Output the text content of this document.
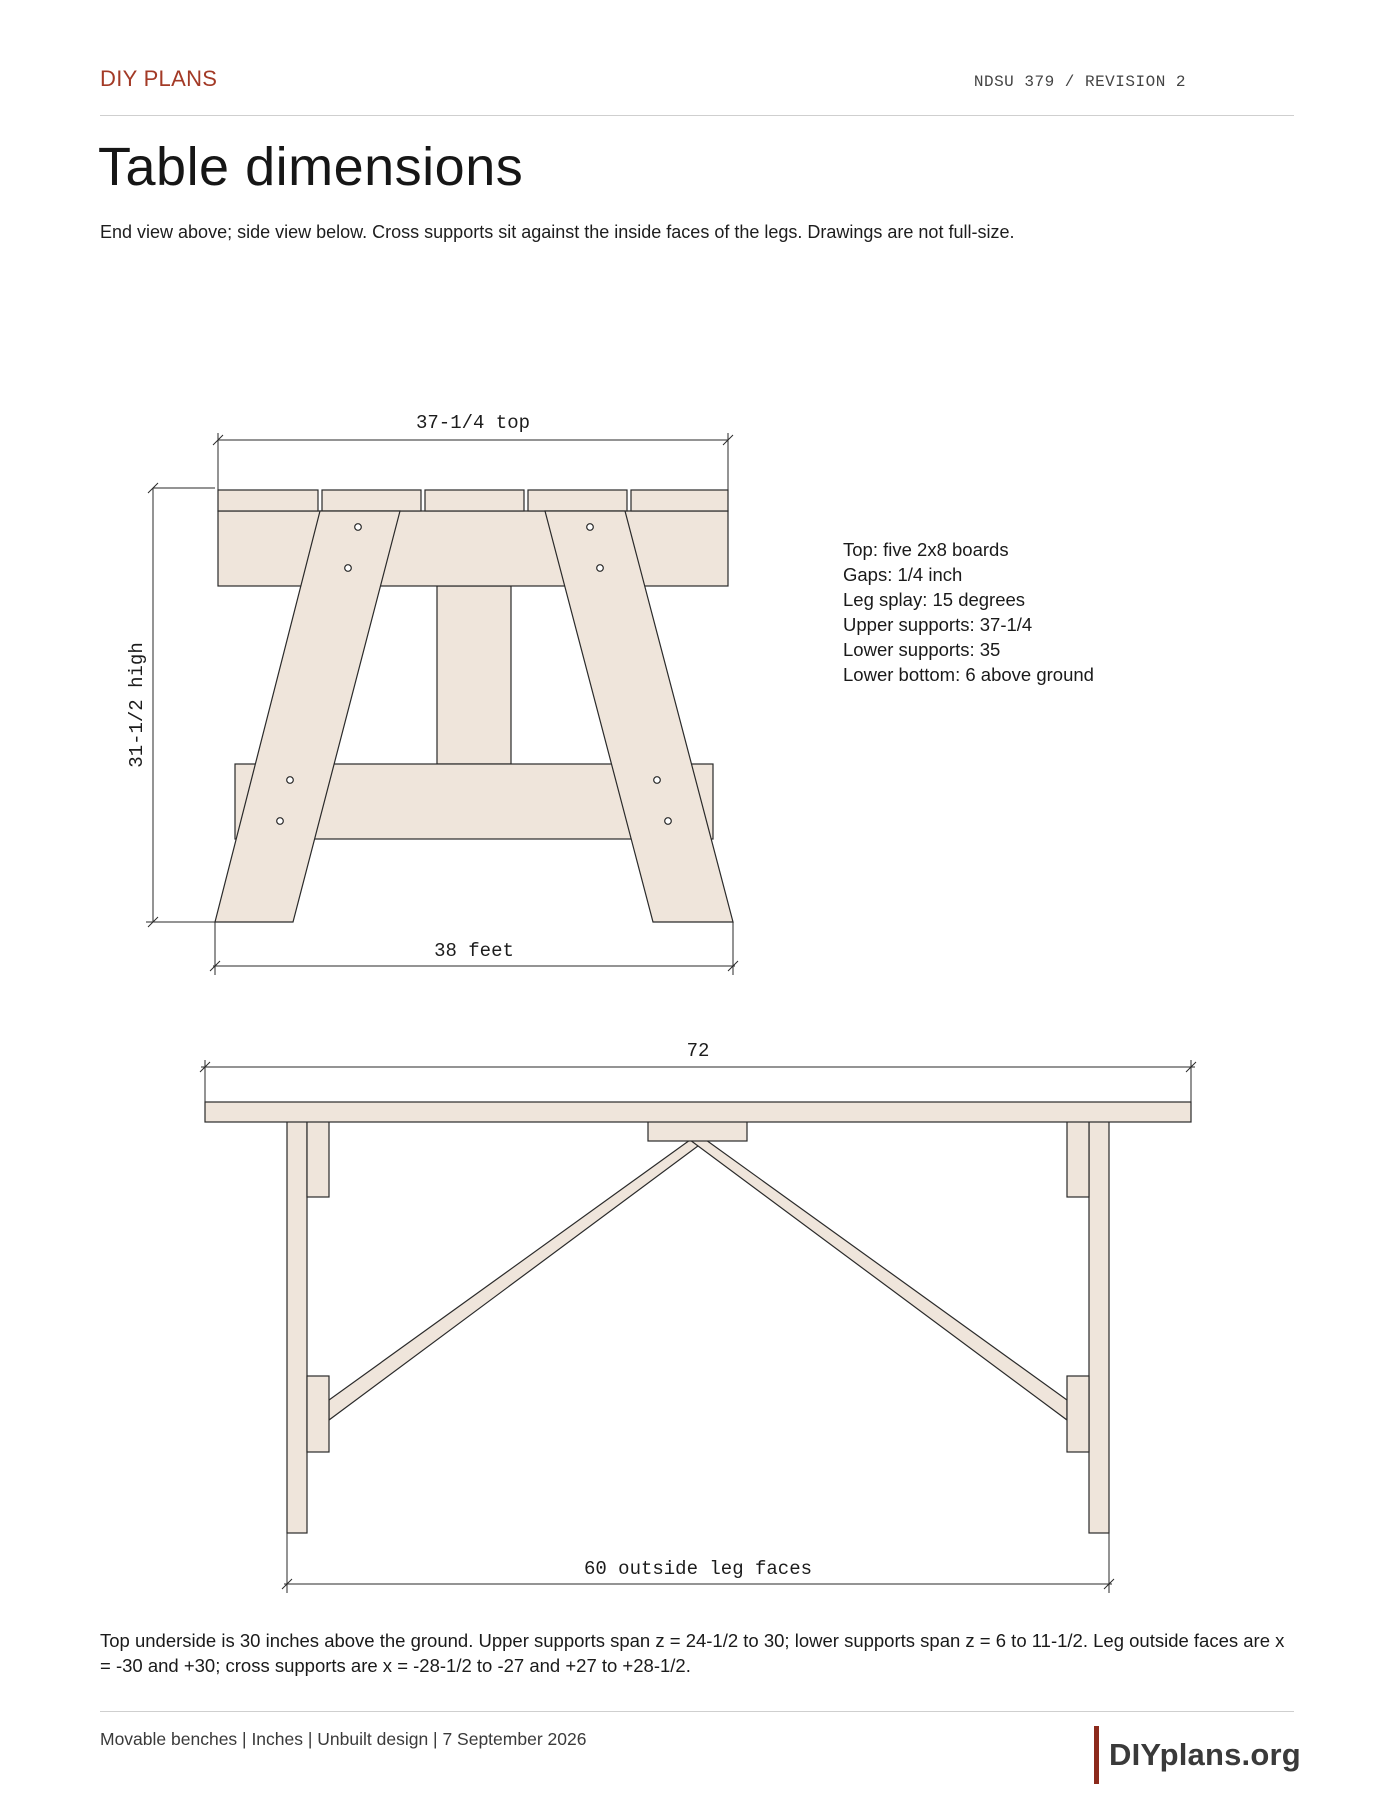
DIY PLANS	NDSU 379 / REVISION 2
Table dimensions
End view above; side view below. Cross supports sit against the inside faces of the legs. Drawings are not full-size.
37-1/4 top
31-1/2 high
38 feet
72
60 outside leg faces
Top: five 2x8 boards
Gaps: 1/4 inch
Leg splay: 15 degrees
Upper supports: 37-1/4
Lower supports: 35
Lower bottom: 6 above ground
Top underside is 30 inches above the ground. Upper supports span z = 24-1/2 to 30; lower supports span z = 6 to 11-1/2. Leg outside faces are x = -30 and +30; cross supports are x = -28-1/2 to -27 and +27 to +28-1/2.
Movable benches | Inches | Unbuilt design | 7 September 2026	DIYplans.org
